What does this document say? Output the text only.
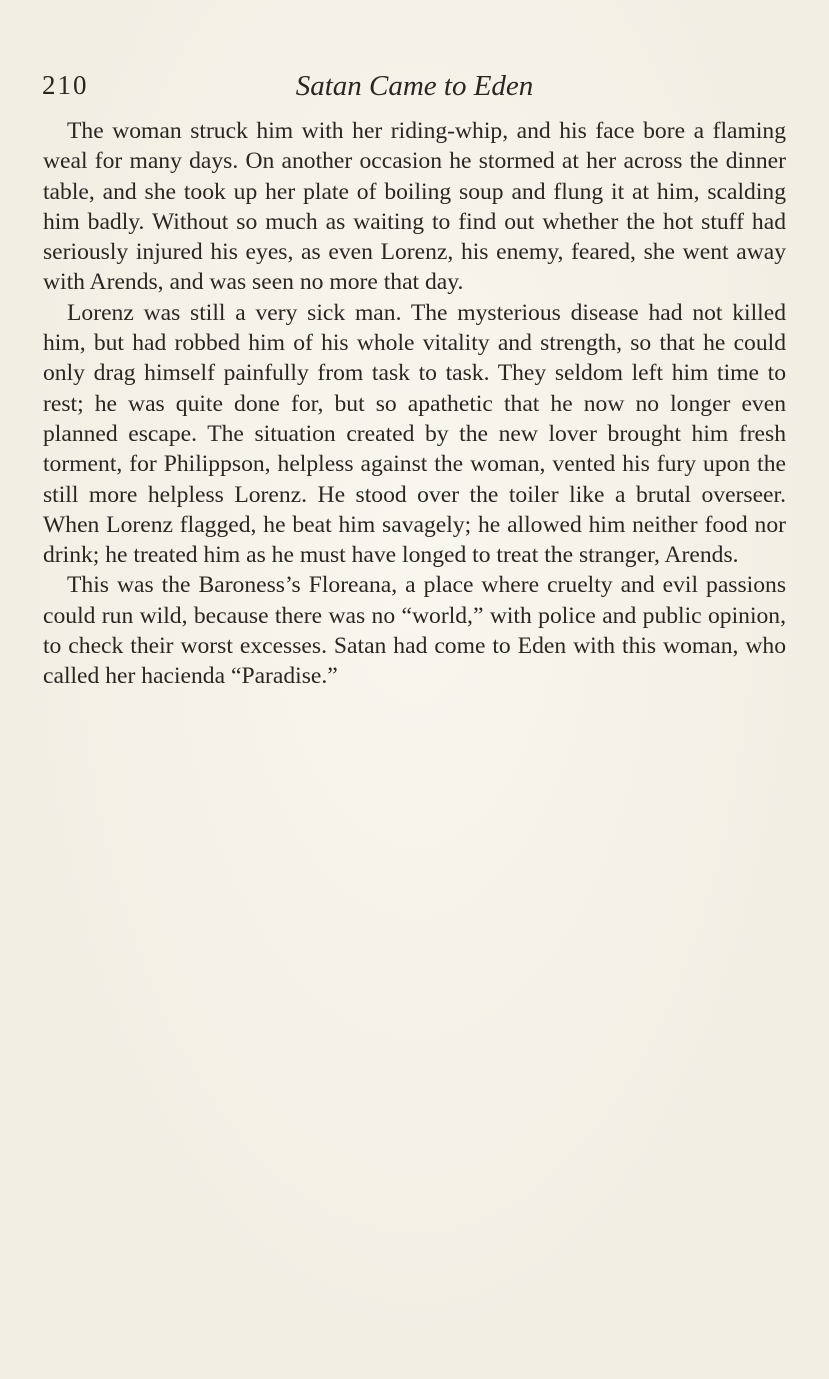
210	Satan Came to Eden

The woman struck him with her riding-whip, and his face bore a flaming weal for many days. On another occasion he stormed at her across the dinner table, and she took up her plate of boiling soup and flung it at him, scalding him badly. Without so much as waiting to find out whether the hot stuff had seriously injured his eyes, as even Lorenz, his enemy, feared, she went away with Arends, and was seen no more that day.

Lorenz was still a very sick man. The mysterious disease had not killed him, but had robbed him of his whole vitality and strength, so that he could only drag himself painfully from task to task. They seldom left him time to rest; he was quite done for, but so apathetic that he now no longer even planned escape. The situation created by the new lover brought him fresh torment, for Philippson, helpless against the woman, vented his fury upon the still more helpless Lorenz. He stood over the toiler like a brutal overseer. When Lorenz flagged, he beat him savagely; he allowed him neither food nor drink; he treated him as he must have longed to treat the stranger, Arends.

This was the Baroness’s Floreana, a place where cruelty and evil passions could run wild, because there was no “world,” with police and public opinion, to check their worst excesses. Satan had come to Eden with this woman, who called her hacienda “Paradise.”
